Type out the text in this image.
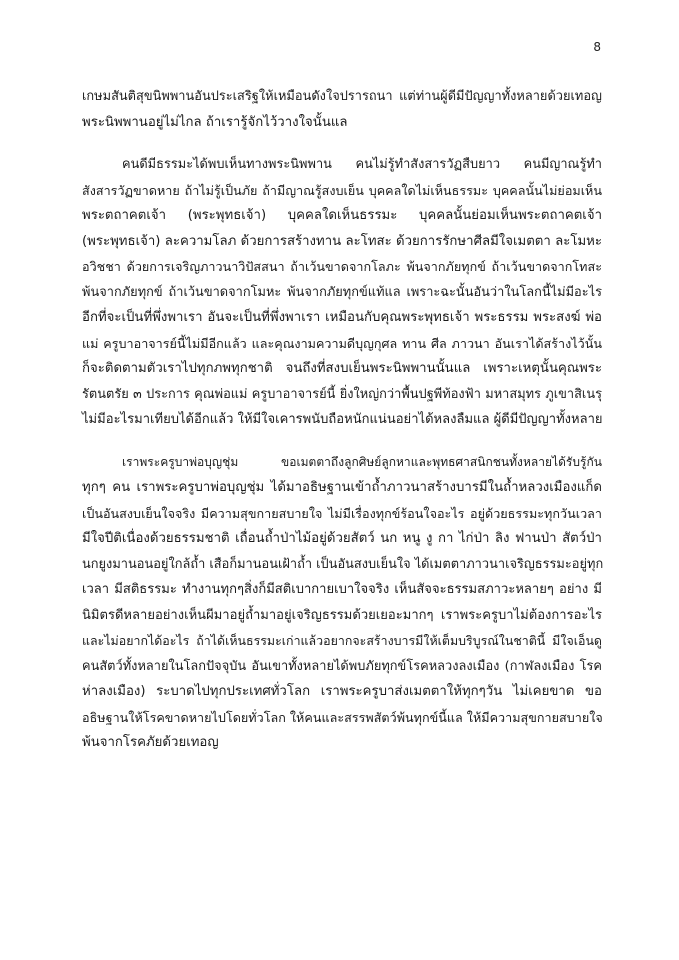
8
เกษมสันติสุขนิพพานอันประเสริฐให้เหมือนดังใจปรารถนา แต่ท่านผู้ดีมีปัญญาทั้งหลายด้วยเทอญ
พระนิพพานอยู่ไม่ไกล ถ้าเรารู้จักไว้วางใจนั้นแล
คนดีมีธรรมะได้พบเห็นทางพระนิพพาน คนไม่รู้ทำสังสารวัฏสืบยาว คนมีญาณรู้ทำ
สังสารวัฏขาดหาย ถ้าไม่รู้เป็นภัย ถ้ามีญาณรู้สงบเย็น บุคคลใดไม่เห็นธรรมะ บุคคลนั้นไม่ย่อมเห็น
พระตถาคตเจ้า (พระพุทธเจ้า) บุคคลใดเห็นธรรมะ บุคคลนั้นย่อมเห็นพระตถาคตเจ้า
(พระพุทธเจ้า) ละความโลภ ด้วยการสร้างทาน ละโทสะ ด้วยการรักษาศีลมีใจเมตตา ละโมหะ
อวิชชา ด้วยการเจริญภาวนาวิปัสสนา ถ้าเว้นขาดจากโลภะ พ้นจากภัยทุกข์ ถ้าเว้นขาดจากโทสะ
พ้นจากภัยทุกข์ ถ้าเว้นขาดจากโมหะ พ้นจากภัยทุกข์แท้แล เพราะฉะนั้นอันว่าในโลกนี้ไม่มีอะไร
อีกที่จะเป็นที่พึ่งพาเรา อันจะเป็นที่พึ่งพาเรา เหมือนกับคุณพระพุทธเจ้า พระธรรม พระสงฆ์ พ่อ
แม่ ครูบาอาจารย์นี้ไม่มีอีกแล้ว และคุณงามความดีบุญกุศล ทาน ศีล ภาวนา อันเราได้สร้างไว้นั้น
ก็จะติดตามตัวเราไปทุกภพทุกชาติ จนถึงที่สงบเย็นพระนิพพานนั้นแล เพราะเหตุนั้นคุณพระ
รัตนตรัย ๓ ประการ คุณพ่อแม่ ครูบาอาจารย์นี้ ยิ่งใหญ่กว่าพื้นปฐพีท้องฟ้า มหาสมุทร ภูเขาสิเนรุ
ไม่มีอะไรมาเทียบได้อีกแล้ว ให้มีใจเคารพนับถือหนักแน่นอย่าได้หลงลืมแล ผู้ดีมีปัญญาทั้งหลาย
เราพระครูบาพ่อบุญชุ่ม ขอเมตตาถึงลูกศิษย์ลูกหาและพุทธศาสนิกชนทั้งหลายได้รับรู้กัน
ทุกๆ คน เราพระครูบาพ่อบุญชุ่ม ได้มาอธิษฐานเข้าถ้ำภาวนาสร้างบารมีในถ้ำหลวงเมืองแก็ด
เป็นอันสงบเย็นใจจริง มีความสุขกายสบายใจ ไม่มีเรื่องทุกข์ร้อนใจอะไร อยู่ด้วยธรรมะทุกวันเวลา
มีใจปีติเนื่องด้วยธรรมชาติ เถื่อนถ้ำป่าไม้อยู่ด้วยสัตว์ นก หนู งู กา ไก่ป่า ลิง ฟานป่า สัตว์ป่า
นกยูงมานอนอยู่ใกล้ถ้ำ เสือก็มานอนเฝ้าถ้ำ เป็นอันสงบเย็นใจ ได้เมตตาภาวนาเจริญธรรมะอยู่ทุก
เวลา มีสติธรรมะ ทำงานทุกๆสิ่งก็มีสติเบากายเบาใจจริง เห็นสัจจะธรรมสภาวะหลายๆ อย่าง มี
นิมิตรดีหลายอย่างเห็นผีมาอยู่ถ้ำมาอยู่เจริญธรรมด้วยเยอะมากๆ เราพระครูบาไม่ต้องการอะไร
และไม่อยากได้อะไร ถ้าได้เห็นธรรมะเก่าแล้วอยากจะสร้างบารมีให้เต็มบริบูรณ์ในชาตินี้ มีใจเอ็นดู
คนสัตว์ทั้งหลายในโลกปัจจุบัน อันเขาทั้งหลายได้พบภัยทุกข์โรคหลวงลงเมือง (กาฬลงเมือง โรค
ห่าลงเมือง) ระบาดไปทุกประเทศทั่วโลก เราพระครูบาส่งเมตตาให้ทุกๆวัน ไม่เคยขาด ขอ
อธิษฐานให้โรคขาดหายไปโดยทั่วโลก ให้คนและสรรพสัตว์พ้นทุกข์นี้แล ให้มีความสุขกายสบายใจ
พ้นจากโรคภัยด้วยเทอญ
